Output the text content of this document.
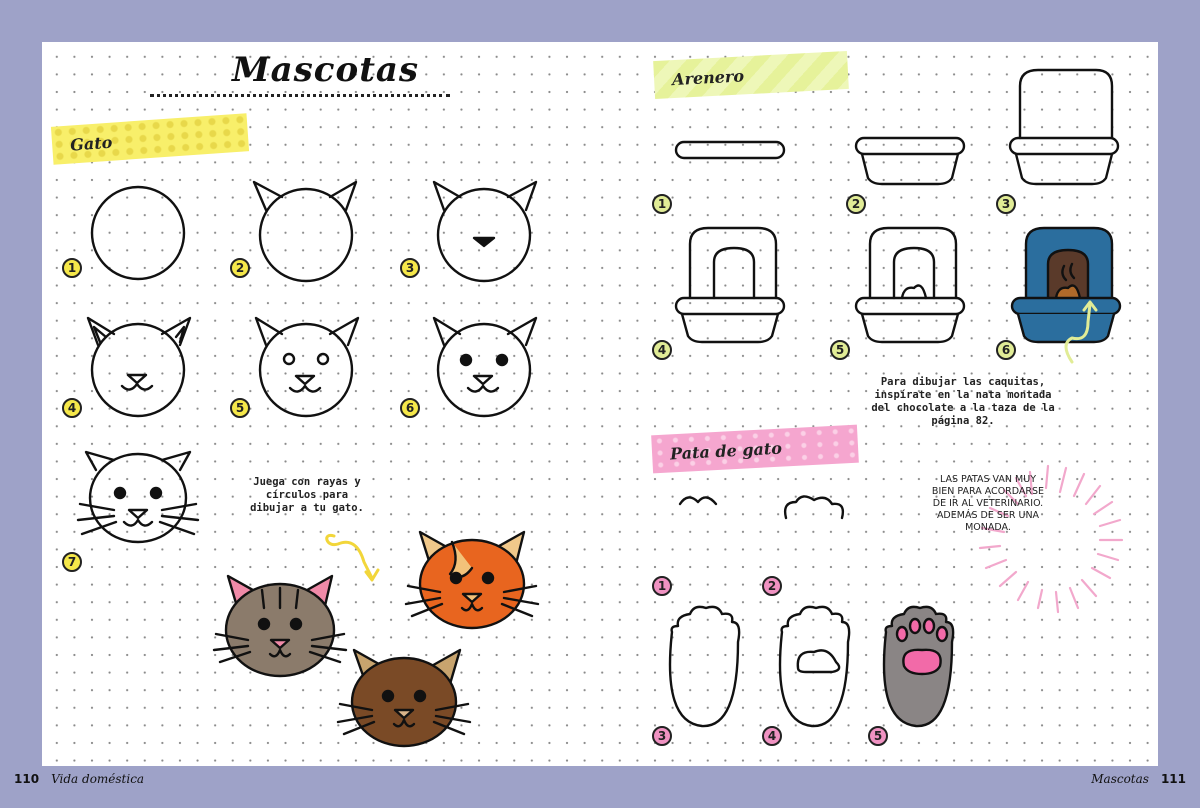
Mascotas
Gato
Arenero
Pata de gato
1	2	3
4	5	6
7
Juega con rayas y círculos para dibujar a tu gato.
1	2	3
4	5	6
Para dibujar las caquitas, inspírate en la nata montada del chocolate a la taza de la página 82.
1	2
3	4	5
LAS PATAS VAN MUY BIEN PARA ACORDARSE DE IR AL VETERINARIO. ADEMÁS DE SER UNA MONADA.
110 Vida doméstica	Mascotas 111
